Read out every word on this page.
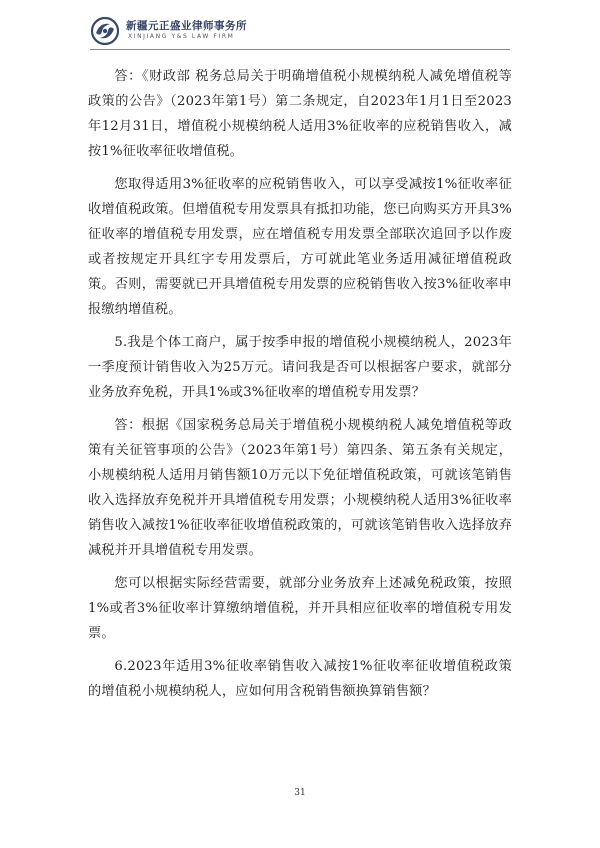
新疆元正盛业律师事务所
XINJIANG Y&S LAW FIRM

答：《财政部 税务总局关于明确增值税小规模纳税人减免增值税等政策的公告》（2023年第1号）第二条规定，自2023年1月1日至2023年12月31日，增值税小规模纳税人适用3%征收率的应税销售收入，减按1%征收率征收增值税。

您取得适用3%征收率的应税销售收入，可以享受减按1%征收率征收增值税政策。但增值税专用发票具有抵扣功能，您已向购买方开具3%征收率的增值税专用发票，应在增值税专用发票全部联次追回予以作废或者按规定开具红字专用发票后，方可就此笔业务适用减征增值税政策。否则，需要就已开具增值税专用发票的应税销售收入按3%征收率申报缴纳增值税。

5.我是个体工商户，属于按季申报的增值税小规模纳税人，2023年一季度预计销售收入为25万元。请问我是否可以根据客户要求，就部分业务放弃免税，开具1%或3%征收率的增值税专用发票？

答：根据《国家税务总局关于增值税小规模纳税人减免增值税等政策有关征管事项的公告》（2023年第1号）第四条、第五条有关规定，小规模纳税人适用月销售额10万元以下免征增值税政策，可就该笔销售收入选择放弃免税并开具增值税专用发票；小规模纳税人适用3%征收率销售收入减按1%征收率征收增值税政策的，可就该笔销售收入选择放弃减税并开具增值税专用发票。

您可以根据实际经营需要，就部分业务放弃上述减免税政策，按照1%或者3%征收率计算缴纳增值税，并开具相应征收率的增值税专用发票。

6.2023年适用3%征收率销售收入减按1%征收率征收增值税政策的增值税小规模纳税人，应如何用含税销售额换算销售额？

31
